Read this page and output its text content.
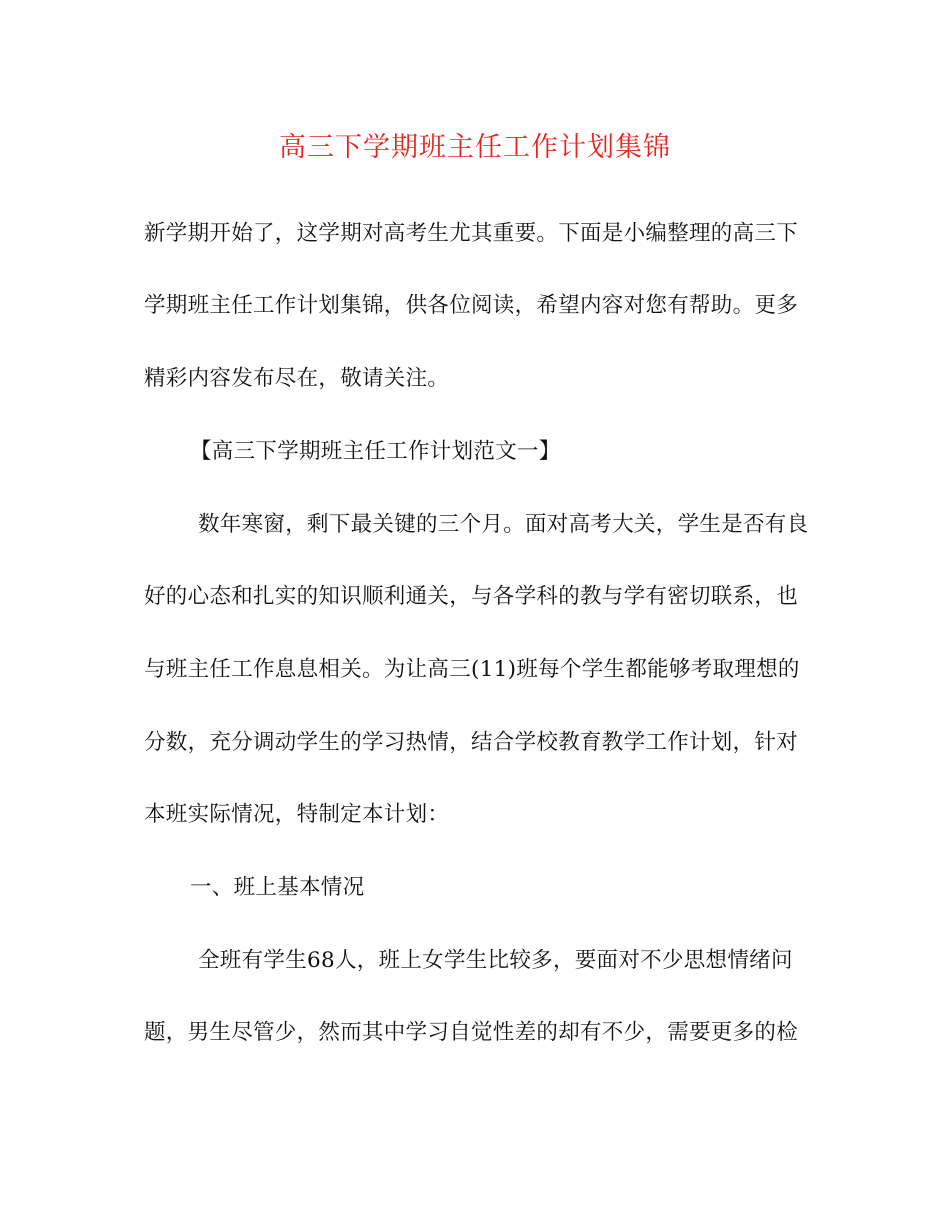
高三下学期班主任工作计划集锦
新学期开始了，这学期对高考生尤其重要。下面是小编整理的高三下
学期班主任工作计划集锦，供各位阅读，希望内容对您有帮助。更多
精彩内容发布尽在，敬请关注。
【高三下学期班主任工作计划范文一】
数年寒窗，剩下最关键的三个月。面对高考大关，学生是否有良
好的心态和扎实的知识顺利通关，与各学科的教与学有密切联系，也
与班主任工作息息相关。为让高三(11)班每个学生都能够考取理想的
分数，充分调动学生的学习热情，结合学校教育教学工作计划，针对
本班实际情况，特制定本计划：
一、班上基本情况
全班有学生68人，班上女学生比较多，要面对不少思想情绪问
题，男生尽管少，然而其中学习自觉性差的却有不少，需要更多的检
